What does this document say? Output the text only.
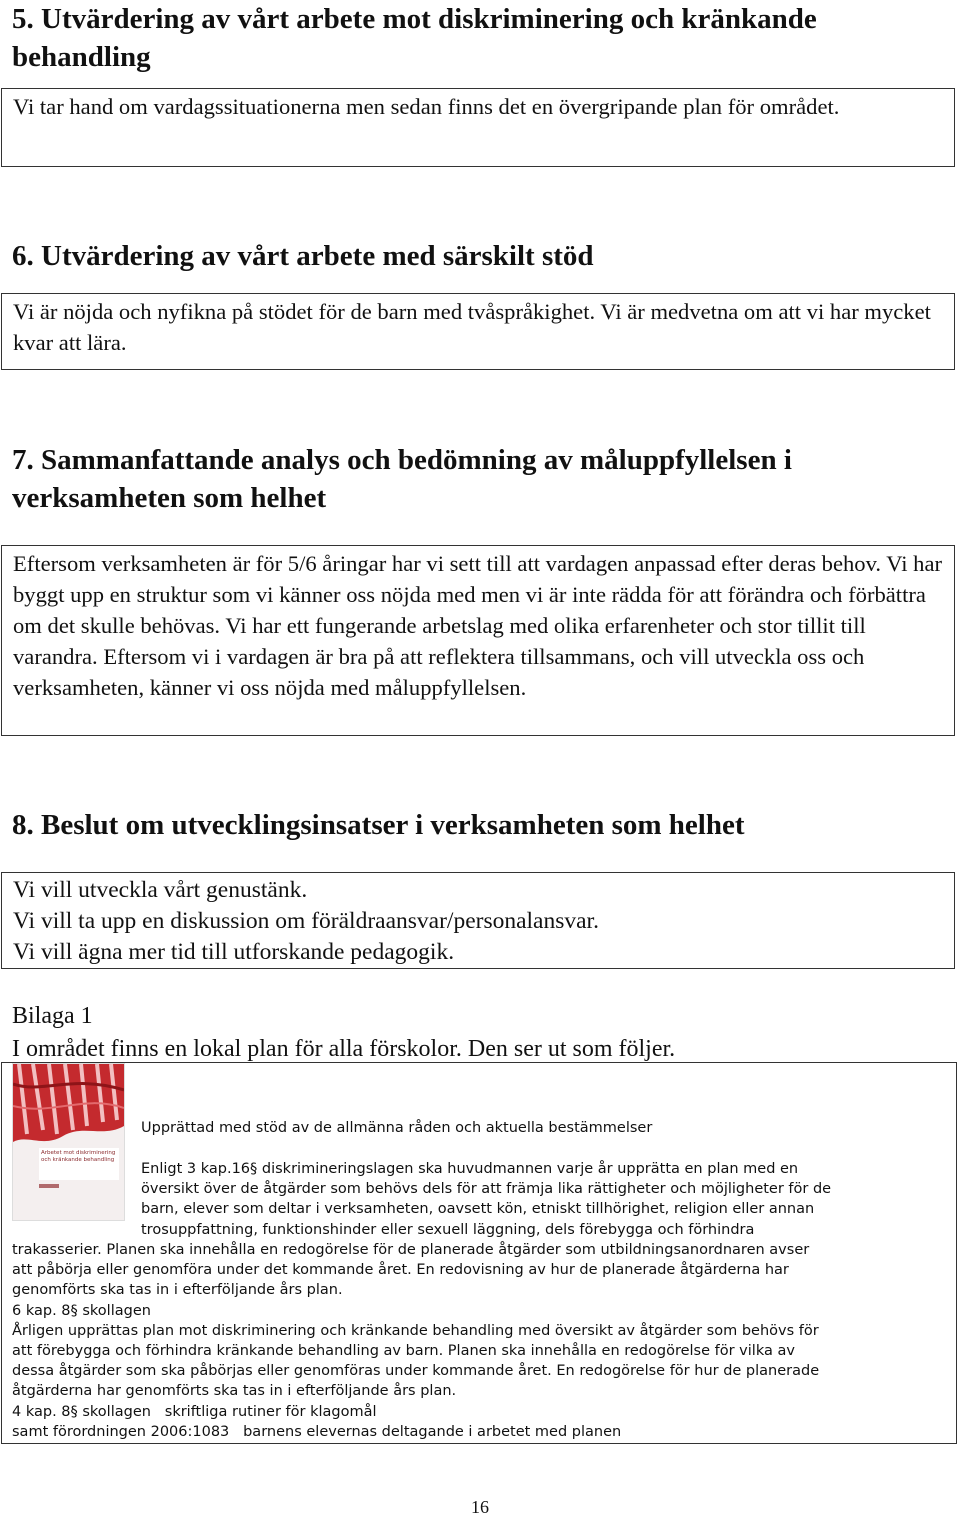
5. Utvärdering av vårt arbete mot diskriminering och kränkande behandling

Vi tar hand om vardagssituationerna men sedan finns det en övergripande plan för området.

6. Utvärdering av vårt arbete med särskilt stöd

Vi är nöjda och nyfikna på stödet för de barn med tvåspråkighet. Vi är medvetna om att vi har mycket kvar att lära.

7. Sammanfattande analys och bedömning av måluppfyllelsen i verksamheten som helhet

Eftersom verksamheten är för 5/6 åringar har vi sett till att vardagen anpassad efter deras behov. Vi har byggt upp en struktur som vi känner oss nöjda med men vi är inte rädda för att förändra och förbättra om det skulle behövas. Vi har ett fungerande arbetslag med olika erfarenheter och stor tillit till varandra. Eftersom vi i vardagen är bra på att reflektera tillsammans, och vill utveckla oss och verksamheten, känner vi oss nöjda med måluppfyllelsen.

8. Beslut om utvecklingsinsatser i verksamheten som helhet

Vi vill utveckla vårt genustänk.

Vi vill ta upp en diskussion om föräldraansvar/personalansvar.

Vi vill ägna mer tid till utforskande pedagogik.

Bilaga 1
I området finns en lokal plan för alla förskolor. Den ser ut som följer.
Arbetet mot diskriminering och kränkande behandling
Upprättad med stöd av de allmänna råden och aktuella bestämmelser
Enligt 3 kap.16§ diskrimineringslagen ska huvudmannen varje år upprätta en plan med en
översikt över de åtgärder som behövs dels för att främja lika rättigheter och möjligheter för de
barn, elever som deltar i verksamheten, oavsett kön, etniskt tillhörighet, religion eller annan
trosuppfattning, funktionshinder eller sexuell läggning, dels förebygga och förhindra
trakasserier. Planen ska innehålla en redogörelse för de planerade åtgärder som utbildningsanordnaren avser
att påbörja eller genomföra under det kommande året. En redovisning av hur de planerade åtgärderna har
genomförts ska tas in i efterföljande års plan.
6 kap. 8§ skollagen
Årligen upprättas plan mot diskriminering och kränkande behandling med översikt av åtgärder som behövs för
att förebygga och förhindra kränkande behandling av barn. Planen ska innehålla en redogörelse för vilka av
dessa åtgärder som ska påbörjas eller genomföras under kommande året. En redogörelse för hur de planerade
åtgärderna har genomförts ska tas in i efterföljande års plan.
4 kap. 8§ skollagen   skriftliga rutiner för klagomål
samt förordningen 2006:1083   barnens elevernas deltagande i arbetet med planen
16
